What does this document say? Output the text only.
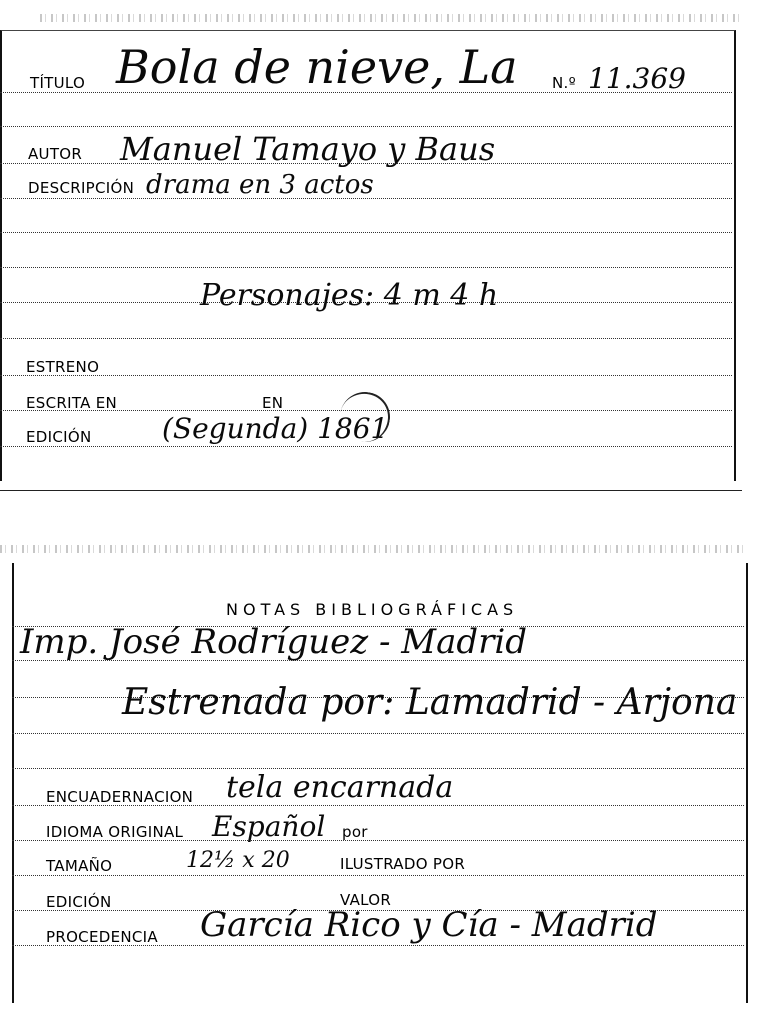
TÍTULO Bola de nieve, La N.º 11.369
AUTOR Manuel Tamayo y Baus
DESCRIPCIÓN drama en 3 actos
Personajes: 4 m 4 h
ESTRENO
ESCRITA EN	EN
EDICIÓN	(Segunda) 1861
NOTAS BIBLIOGRÁFICAS
Imp. José Rodríguez - Madrid
Estrenada por: Lamadrid - Arjona
ENCUADERNACION tela encarnada
IDIOMA ORIGINAL Español por
TAMAÑO	12½ x 20	ILUSTRADO POR
EDICIÓN	VALOR
PROCEDENCIA García Rico y Cía - Madrid
